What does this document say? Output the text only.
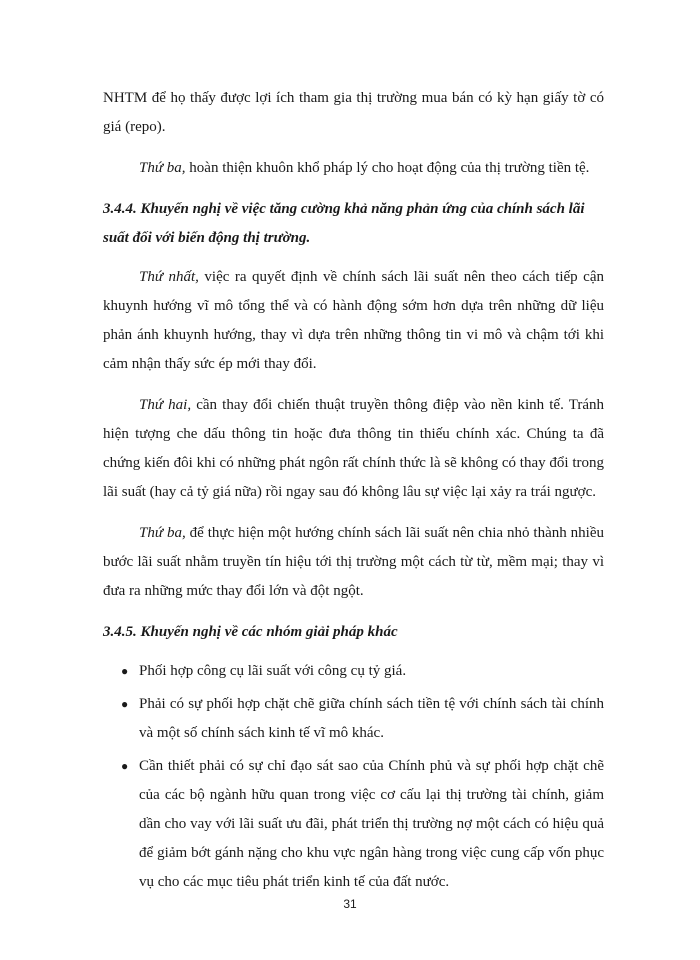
NHTM để họ thấy được lợi ích tham gia thị trường mua bán có kỳ hạn giấy tờ có giá (repo).

Thứ ba, hoàn thiện khuôn khổ pháp lý cho hoạt động của thị trường tiền tệ.

3.4.4. Khuyến nghị về việc tăng cường khả năng phản ứng của chính sách lãi suất đối với biến động thị trường.

Thứ nhất, việc ra quyết định về chính sách lãi suất nên theo cách tiếp cận khuynh hướng vĩ mô tổng thể và có hành động sớm hơn dựa trên những dữ liệu phản ánh khuynh hướng, thay vì dựa trên những thông tin vi mô và chậm tới khi cảm nhận thấy sức ép mới thay đổi.

Thứ hai, cần thay đổi chiến thuật truyền thông điệp vào nền kinh tế. Tránh hiện tượng che dấu thông tin hoặc đưa thông tin thiếu chính xác. Chúng ta đã chứng kiến đôi khi có những phát ngôn rất chính thức là sẽ không có thay đổi trong lãi suất (hay cả tỷ giá nữa) rồi ngay sau đó không lâu sự việc lại xảy ra trái ngược.

Thứ ba, để thực hiện một hướng chính sách lãi suất nên chia nhỏ thành nhiều bước lãi suất nhằm truyền tín hiệu tới thị trường một cách từ từ, mềm mại; thay vì đưa ra những mức thay đổi lớn và đột ngột.

3.4.5. Khuyến nghị về các nhóm giải pháp khác
● Phối hợp công cụ lãi suất với công cụ tỷ giá.
● Phải có sự phối hợp chặt chẽ giữa chính sách tiền tệ với chính sách tài chính và một số chính sách kinh tế vĩ mô khác.
● Cần thiết phải có sự chỉ đạo sát sao của Chính phủ và sự phối hợp chặt chẽ của các bộ ngành hữu quan trong việc cơ cấu lại thị trường tài chính, giảm dần cho vay với lãi suất ưu đãi, phát triển thị trường nợ một cách có hiệu quả để giảm bớt gánh nặng cho khu vực ngân hàng trong việc cung cấp vốn phục vụ cho các mục tiêu phát triển kinh tế của đất nước.
31
